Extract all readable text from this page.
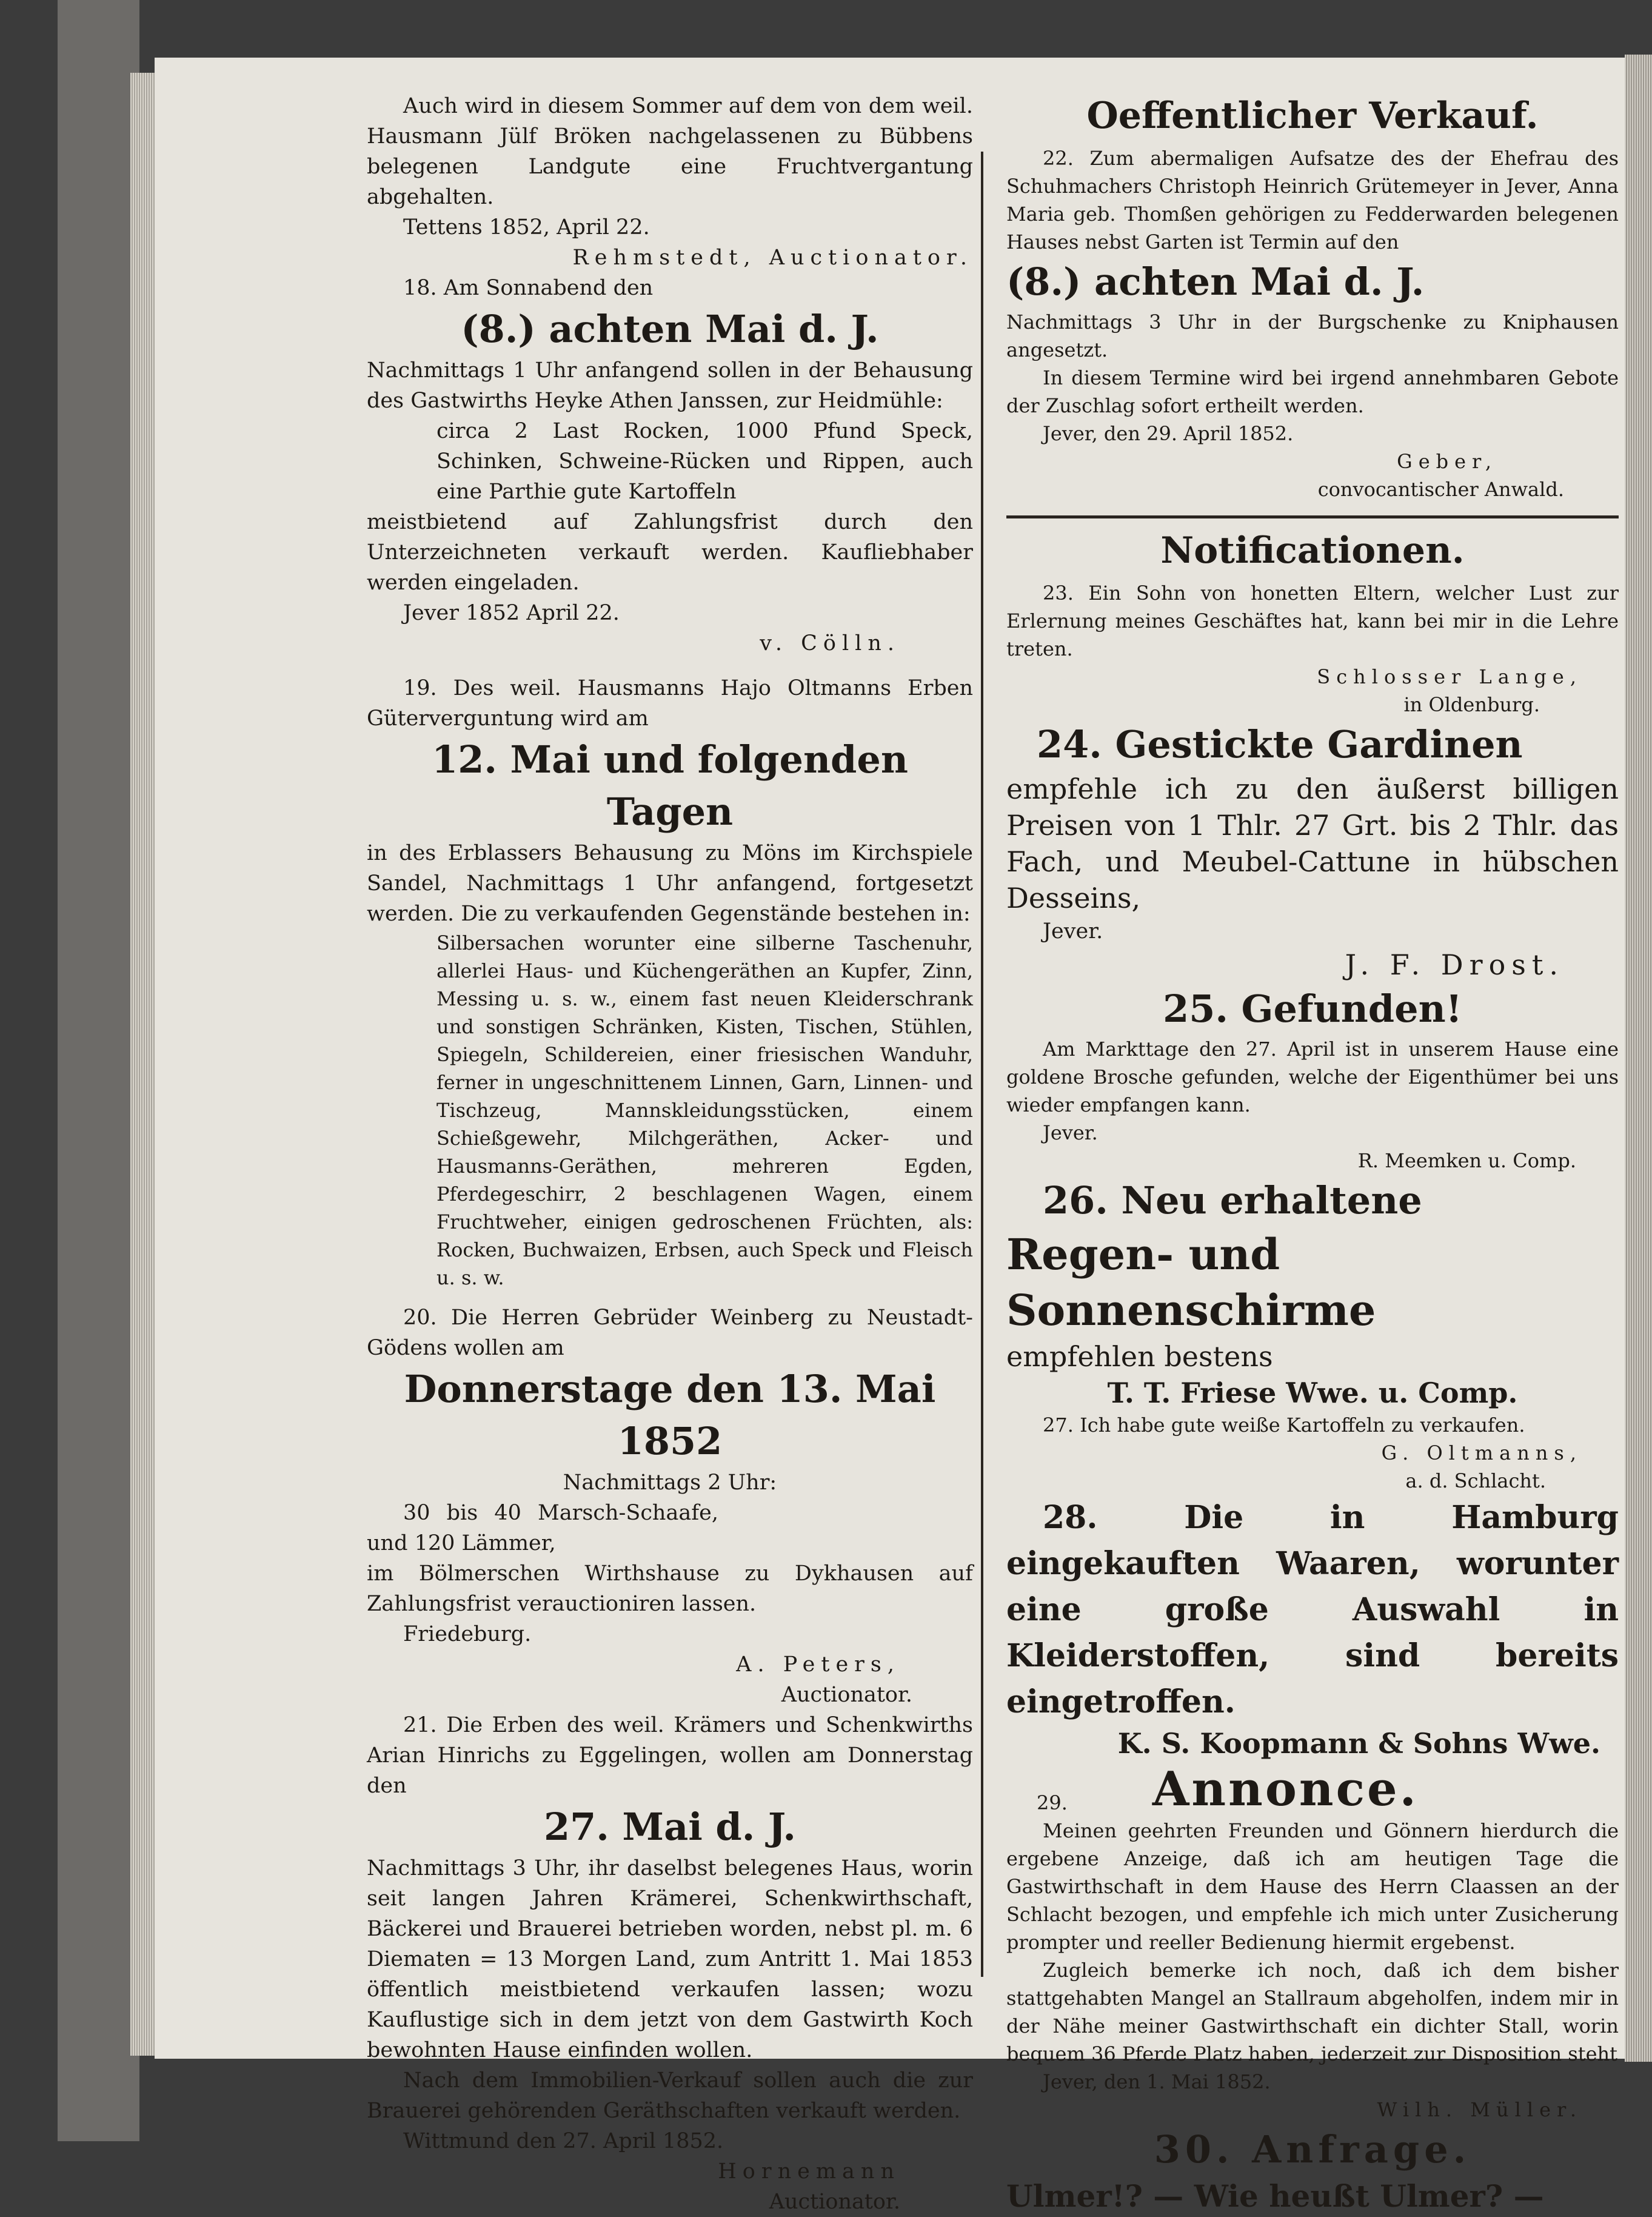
Auch wird in diesem Sommer auf dem von dem weil. Hausmann Jülf Bröken nachgelassenen zu Bübbens belegenen Landgute eine Fruchtvergantung abgehalten.

Tettens 1852, April 22.

Rehmstedt, Auctionator.

18. Am Sonnabend den

(8.) achten Mai d. J.

Nachmittags 1 Uhr anfangend sollen in der Behausung des Gastwirths Heyke Athen Janssen, zur Heidmühle:

circa 2 Last Rocken, 1000 Pfund Speck, Schinken, Schweine-Rücken und Rippen, auch eine Parthie gute Kartoffeln

meistbietend auf Zahlungsfrist durch den Unterzeichneten verkauft werden. Kaufliebhaber werden eingeladen.

Jever 1852 April 22.

v. Cölln.

19. Des weil. Hausmanns Hajo Oltmanns Erben Güterverguntung wird am

12. Mai und folgenden Tagen

in des Erblassers Behausung zu Möns im Kirchspiele Sandel, Nachmittags 1 Uhr anfangend, fortgesetzt werden. Die zu verkaufenden Gegenstände bestehen in:

Silbersachen worunter eine silberne Taschenuhr, allerlei Haus- und Küchengeräthen an Kupfer, Zinn, Messing u. s. w., einem fast neuen Kleiderschrank und sonstigen Schränken, Kisten, Tischen, Stühlen, Spiegeln, Schildereien, einer friesischen Wanduhr, ferner in ungeschnittenem Linnen, Garn, Linnen- und Tischzeug, Mannskleidungsstücken, einem Schießgewehr, Milchgeräthen, Acker- und Hausmanns-Geräthen, mehreren Egden, Pferdegeschirr, 2 beschlagenen Wagen, einem Fruchtweher, einigen gedroschenen Früchten, als: Rocken, Buchwaizen, Erbsen, auch Speck und Fleisch u. s. w.

20. Die Herren Gebrüder Weinberg zu Neustadt-Gödens wollen am

Donnerstage den 13. Mai 1852

Nachmittags 2 Uhr:

30 bis 40 Marsch-Schaafe, und 120 Lämmer,

im Bölmerschen Wirthshause zu Dykhausen auf Zahlungsfrist verauctioniren lassen.

Friedeburg.

A. Peters,

Auctionator.

21. Die Erben des weil. Krämers und Schenkwirths Arian Hinrichs zu Eggelingen, wollen am Donnerstag den

27. Mai d. J.

Nachmittags 3 Uhr, ihr daselbst belegenes Haus, worin seit langen Jahren Krämerei, Schenkwirthschaft, Bäckerei und Brauerei betrieben worden, nebst pl. m. 6 Diematen = 13 Morgen Land, zum Antritt 1. Mai 1853 öffentlich meistbietend verkaufen lassen; wozu Kauflustige sich in dem jetzt von dem Gastwirth Koch bewohnten Hause einfinden wollen.

Nach dem Immobilien-Verkauf sollen auch die zur Brauerei gehörenden Geräthschaften verkauft werden.

Wittmund den 27. April 1852.

Hornemann

Auctionator.

Oeffentlicher Verkauf.

22. Zum abermaligen Aufsatze des der Ehefrau des Schuhmachers Christoph Heinrich Grütemeyer in Jever, Anna Maria geb. Thomßen gehörigen zu Fedderwarden belegenen Hauses nebst Garten ist Termin auf den

(8.) achten Mai d. J.

Nachmittags 3 Uhr in der Burgschenke zu Kniphausen angesetzt.

In diesem Termine wird bei irgend annehmbaren Gebote der Zuschlag sofort ertheilt werden.

Jever, den 29. April 1852.

Geber,

convocantischer Anwald.

Notificationen.

23. Ein Sohn von honetten Eltern, welcher Lust zur Erlernung meines Geschäftes hat, kann bei mir in die Lehre treten.

Schlosser Lange,

in Oldenburg.

24. Gestickte Gardinen

empfehle ich zu den äußerst billigen Preisen von 1 Thlr. 27 Grt. bis 2 Thlr. das Fach, und Meubel-Cattune in hübschen Desseins,

Jever.

J. F. Drost.

25. Gefunden!

Am Markttage den 27. April ist in unserem Hause eine goldene Brosche gefunden, welche der Eigenthümer bei uns wieder empfangen kann.

Jever.

R. Meemken u. Comp.

26. Neu erhaltene

Regen- und Sonnenschirme

empfehlen bestens

T. T. Friese Wwe. u. Comp.

27. Ich habe gute weiße Kartoffeln zu verkaufen.

G. Oltmanns,

a. d. Schlacht.

28. Die in Hamburg eingekauften Waaren, worunter eine große Auswahl in Kleiderstoffen, sind bereits eingetroffen.

K. S. Koopmann & Sohns Wwe.

29. Annonce.

Meinen geehrten Freunden und Gönnern hierdurch die ergebene Anzeige, daß ich am heutigen Tage die Gastwirthschaft in dem Hause des Herrn Claassen an der Schlacht bezogen, und empfehle ich mich unter Zusicherung prompter und reeller Bedienung hiermit ergebenst.

Zugleich bemerke ich noch, daß ich dem bisher stattgehabten Mangel an Stallraum abgeholfen, indem mir in der Nähe meiner Gastwirthschaft ein dichter Stall, worin bequem 36 Pferde Platz haben, jederzeit zur Disposition steht

Jever, den 1. Mai 1852.

Wilh. Müller.

30. Anfrage.

Ulmer!? — Wie heußt Ulmer? —
